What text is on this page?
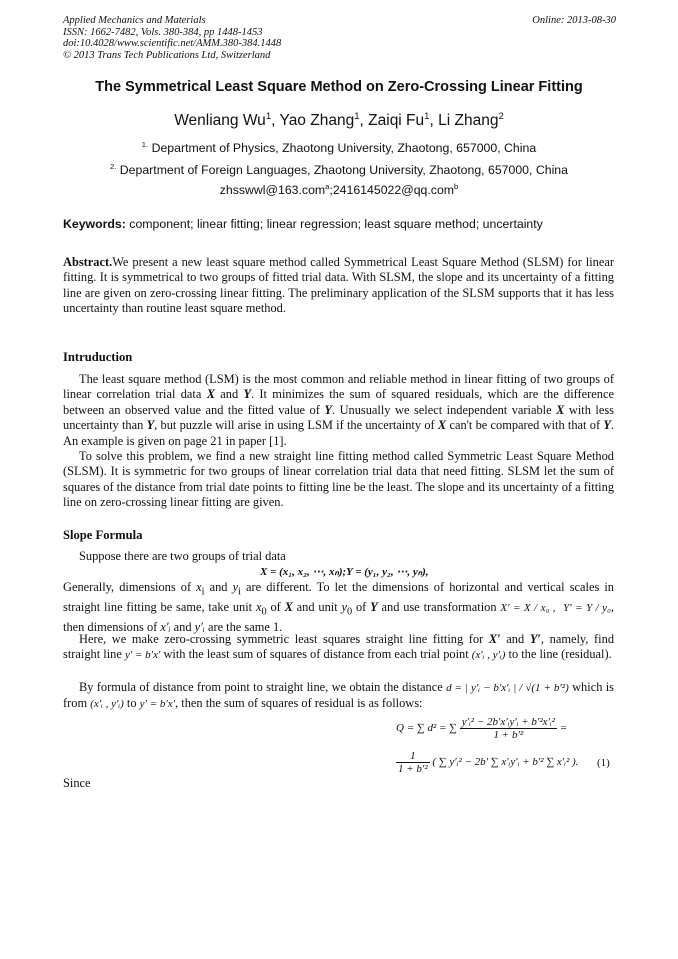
Applied Mechanics and Materials
ISSN: 1662-7482, Vols. 380-384, pp 1448-1453
doi:10.4028/www.scientific.net/AMM.380-384.1448
© 2013 Trans Tech Publications Ltd, Switzerland
Online: 2013-08-30
The Symmetrical Least Square Method on Zero-Crossing Linear Fitting
Wenliang Wu$^1$, Yao Zhang$^1$, Zaiqi Fu$^1$, Li Zhang$^2$
$^{1.}$ Department of Physics, Zhaotong University, Zhaotong, 657000, China
$^{2.}$ Department of Foreign Languages, Zhaotong University, Zhaotong, 657000, China
zhsswwl@163.com$^a$;2416145022@qq.com$^b$
Keywords: component; linear fitting; linear regression; least square method; uncertainty
Abstract.We present a new least square method called Symmetrical Least Square Method (SLSM) for linear fitting. It is symmetrical to two groups of fitted trial data. With SLSM, the slope and its uncertainty of a fitting line are given on zero-crossing linear fitting. The preliminary application of the SLSM supports that it has less uncertainty than routine least square method.
Intruduction
The least square method (LSM) is the most common and reliable method in linear fitting of two groups of linear correlation trial data X and Y. It minimizes the sum of squared residuals, which are the difference between an observed value and the fitted value of Y. Unusually we select independent variable X with less uncertainty than Y, but puzzle will arise in using LSM if the uncertainty of X can't be compared with that of Y. An example is given on page 21 in paper [1].
To solve this problem, we find a new straight line fitting method called Symmetric Least Square Method (SLSM). It is symmetric for two groups of linear correlation trial data that need fitting. SLSM let the sum of squares of the distance from trial date points to fitting line be the least. The slope and its uncertainty of a fitting line on zero-crossing linear fitting are given.
Slope Formula
Suppose there are two groups of trial data
X = (x₁, x₂, ⋯, xₙ);Y = (y₁, y₂, ⋯, yₙ),
Generally, dimensions of $x_i$ and $y_i$ are different. To let the dimensions of horizontal and vertical scales in straight line fitting be same, take unit $x_0$ of X and unit $y_0$ of Y and use transformation X′ = X / x₀ , Y′ = Y / y₀, then dimensions of x′ᵢ and y′ᵢ are the same 1.
Here, we make zero-crossing symmetric least squares straight line fitting for X′ and Y′, namely, find straight line y′ = b′x′ with the least sum of squares of distance from each trial point (x′ᵢ , y′ᵢ) to the line (residual).
By formula of distance from point to straight line, we obtain the distance d = | y′ᵢ − b′x′ᵢ | / √(1 + b′²) which is from (x′ᵢ , y′ᵢ) to y′ = b′x′, then the sum of squares of residual is as follows:
Q = ∑ d² = ∑ $\frac{\text{y′ᵢ² − 2b′x′ᵢy′ᵢ + b′²x′ᵢ²}}{\text{1 + b′²}}$ =
$\frac{1}{\text{1 + b′²}}$ ( ∑ y′ᵢ² − 2b′ ∑ x′ᵢy′ᵢ + b′² ∑ x′ᵢ² ). (1)
Since
